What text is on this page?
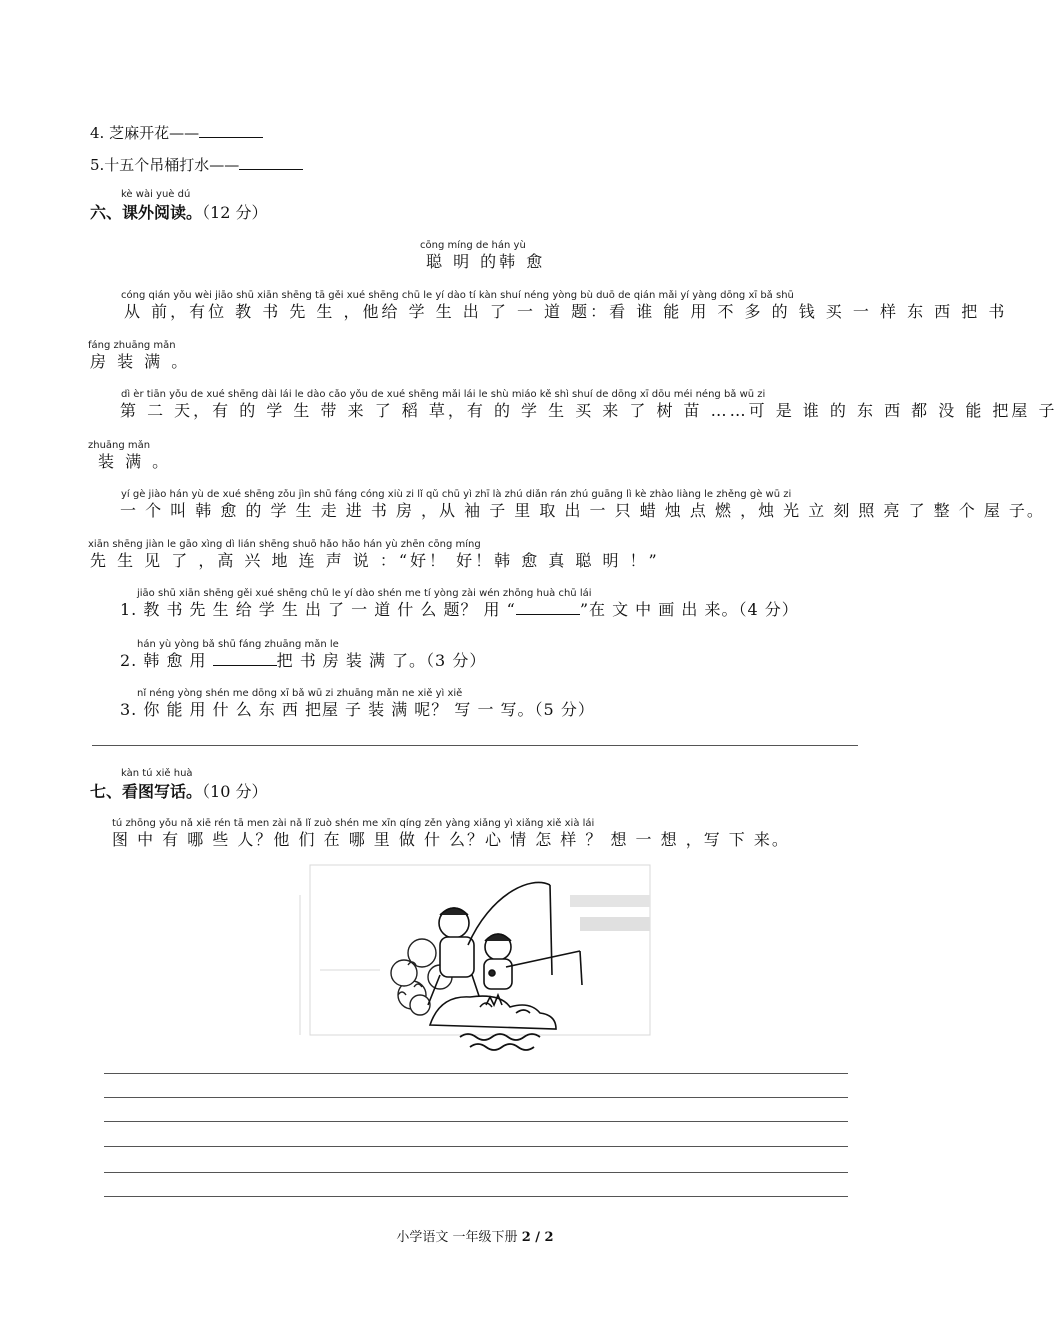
4. 芝麻开花——
5.十五个吊桶打水——
kè wài yuè dú
六、课外阅读。（12 分）
cōng míng de hán yù
聪 明 的韩 愈
cóng qián yǒu wèi jiāo shū xiān shēng tā gěi xué shēng chū le yí dào tí kàn shuí néng yòng bù duō de qián mǎi yí yàng dōng xī bǎ shū
从 前，有位 教 书 先 生 ，他给 学 生 出 了 一 道 题：看 谁 能 用 不 多 的 钱 买 一 样 东 西 把 书
fáng zhuāng mǎn
房 装 满 。
dì èr tiān yǒu de xué shēng dài lái le dào cǎo yǒu de xué shēng mǎi lái le shù miáo kě shì shuí de dōng xī dōu méi néng bǎ wū zi
第 二 天，有 的 学 生 带 来 了 稻 草，有 的 学 生 买 来 了 树 苗 ……可 是 谁 的 东 西 都 没 能 把屋 子
zhuāng mǎn
装 满 。
yí gè jiào hán yù de xué shēng zǒu jìn shū fáng cóng xiù zi lǐ qǔ chū yì zhī là zhú diǎn rán zhú guāng lì kè zhào liàng le zhěng gè wū zi
一 个 叫 韩 愈 的 学 生 走 进 书 房 ，从 袖 子 里 取 出 一 只 蜡 烛 点 燃 ，烛 光 立 刻 照 亮 了 整 个 屋 子。
xiān shēng jiàn le gāo xìng dì lián shēng shuō hǎo hǎo hán yù zhēn cōng míng
先 生 见 了 ，高 兴 地 连 声 说 ：“好！ 好！韩 愈 真 聪 明 ！”
jiāo shū xiān shēng gěi xué shēng chū le yí dào shén me tí yòng zài wén zhōng huà chū lái
1. 教 书 先 生 给 学 生 出 了 一 道 什 么 题？ 用 “	”在 文 中 画 出 来。（4 分）
hán yù yòng bǎ shū fáng zhuāng mǎn le
2. 韩 愈 用	把 书 房 装 满 了。（3 分）
nǐ néng yòng shén me dōng xī bǎ wū zi zhuāng mǎn ne xiě yì xiě
3. 你 能 用 什 么 东 西 把屋 子 装 满 呢？ 写 一 写。（5 分）
kàn tú xiě huà
七、看图写话。（10 分）
tú zhōng yǒu nǎ xiē rén tā men zài nǎ lǐ zuò shén me xīn qíng zěn yàng xiǎng yì xiǎng xiě xià lái
图 中 有 哪 些 人？他 们 在 哪 里 做 什 么？心 情 怎 样 ？ 想 一 想 ，写 下 来。
小学语文 一年级下册 2 / 2
